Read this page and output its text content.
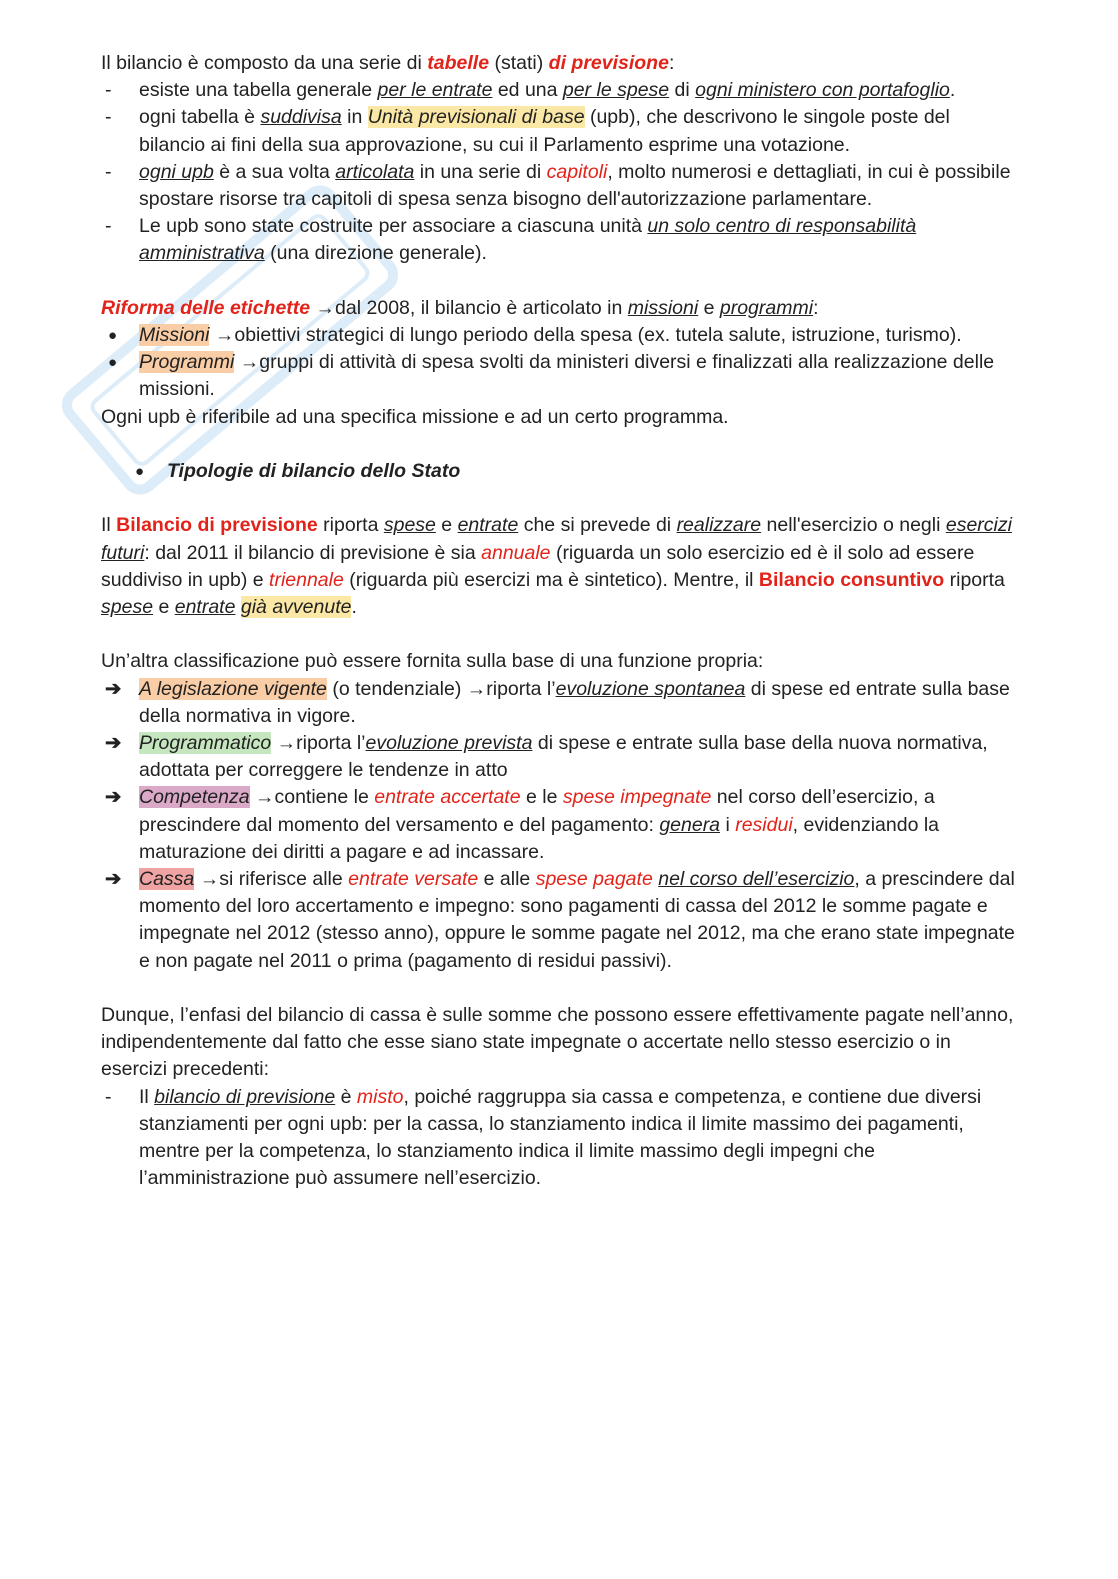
Il bilancio è composto da una serie di tabelle (stati) di previsione:

- esiste una tabella generale per le entrate ed una per le spese di ogni ministero con portafoglio.
- ogni tabella è suddivisa in Unità previsionali di base (upb), che descrivono le singole poste del bilancio ai fini della sua approvazione, su cui il Parlamento esprime una votazione.
- ogni upb è a sua volta articolata in una serie di capitoli, molto numerosi e dettagliati, in cui è possibile spostare risorse tra capitoli di spesa senza bisogno dell'autorizzazione parlamentare.
- Le upb sono state costruite per associare a ciascuna unità un solo centro di responsabilità amministrativa (una direzione generale).

Riforma delle etichette →dal 2008, il bilancio è articolato in missioni e programmi:

● Missioni →obiettivi strategici di lungo periodo della spesa (ex. tutela salute, istruzione, turismo).
● Programmi →gruppi di attività di spesa svolti da ministeri diversi e finalizzati alla realizzazione delle missioni.

Ogni upb è riferibile ad una specifica missione e ad un certo programma.

● Tipologie di bilancio dello Stato

Il Bilancio di previsione riporta spese e entrate che si prevede di realizzare nell'esercizio o negli esercizi futuri: dal 2011 il bilancio di previsione è sia annuale (riguarda un solo esercizio ed è il solo ad essere suddiviso in upb) e triennale (riguarda più esercizi ma è sintetico). Mentre, il Bilancio consuntivo riporta spese e entrate già avvenute.

Un’altra classificazione può essere fornita sulla base di una funzione propria:

➔ A legislazione vigente (o tendenziale) →riporta l’evoluzione spontanea di spese ed entrate sulla base della normativa in vigore.
➔ Programmatico →riporta l’evoluzione prevista di spese e entrate sulla base della nuova normativa, adottata per correggere le tendenze in atto
➔ Competenza →contiene le entrate accertate e le spese impegnate nel corso dell’esercizio, a prescindere dal momento del versamento e del pagamento: genera i residui, evidenziando la maturazione dei diritti a pagare e ad incassare.
➔ Cassa →si riferisce alle entrate versate e alle spese pagate nel corso dell’esercizio, a prescindere dal momento del loro accertamento e impegno: sono pagamenti di cassa del 2012 le somme pagate e impegnate nel 2012 (stesso anno), oppure le somme pagate nel 2012, ma che erano state impegnate e non pagate nel 2011 o prima (pagamento di residui passivi).

Dunque, l’enfasi del bilancio di cassa è sulle somme che possono essere effettivamente pagate nell’anno, indipendentemente dal fatto che esse siano state impegnate o accertate nello stesso esercizio o in esercizi precedenti:

- Il bilancio di previsione è misto, poiché raggruppa sia cassa e competenza, e contiene due diversi stanziamenti per ogni upb: per la cassa, lo stanziamento indica il limite massimo dei pagamenti, mentre per la competenza, lo stanziamento indica il limite massimo degli impegni che l’amministrazione può assumere nell’esercizio.
